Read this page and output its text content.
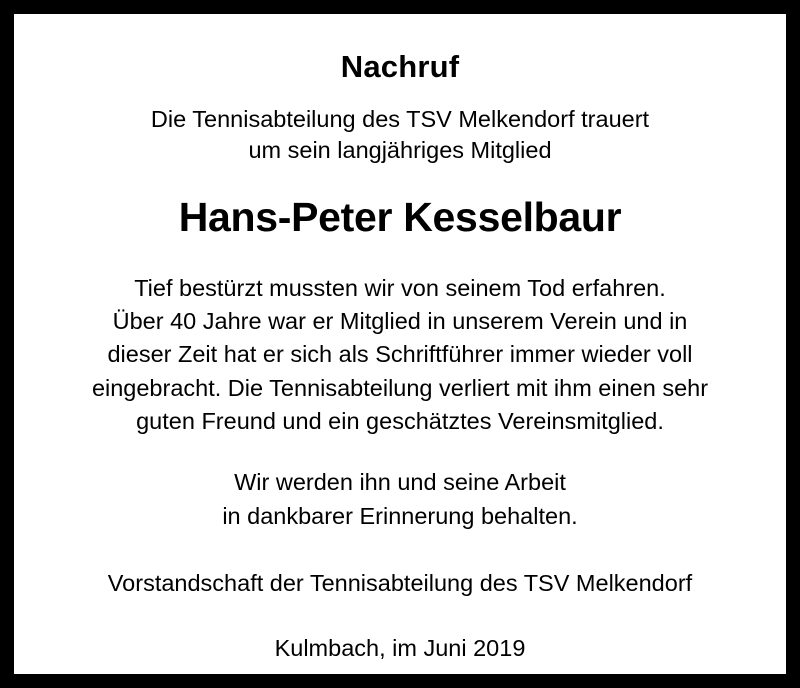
Nachruf
Die Tennisabteilung des TSV Melkendorf trauert
um sein langjähriges Mitglied
Hans-Peter Kesselbaur
Tief bestürzt mussten wir von seinem Tod erfahren.
Über 40 Jahre war er Mitglied in unserem Verein und in
dieser Zeit hat er sich als Schriftführer immer wieder voll
eingebracht. Die Tennisabteilung verliert mit ihm einen sehr
guten Freund und ein geschätztes Vereinsmitglied.
Wir werden ihn und seine Arbeit
in dankbarer Erinnerung behalten.
Vorstandschaft der Tennisabteilung des TSV Melkendorf
Kulmbach, im Juni 2019
